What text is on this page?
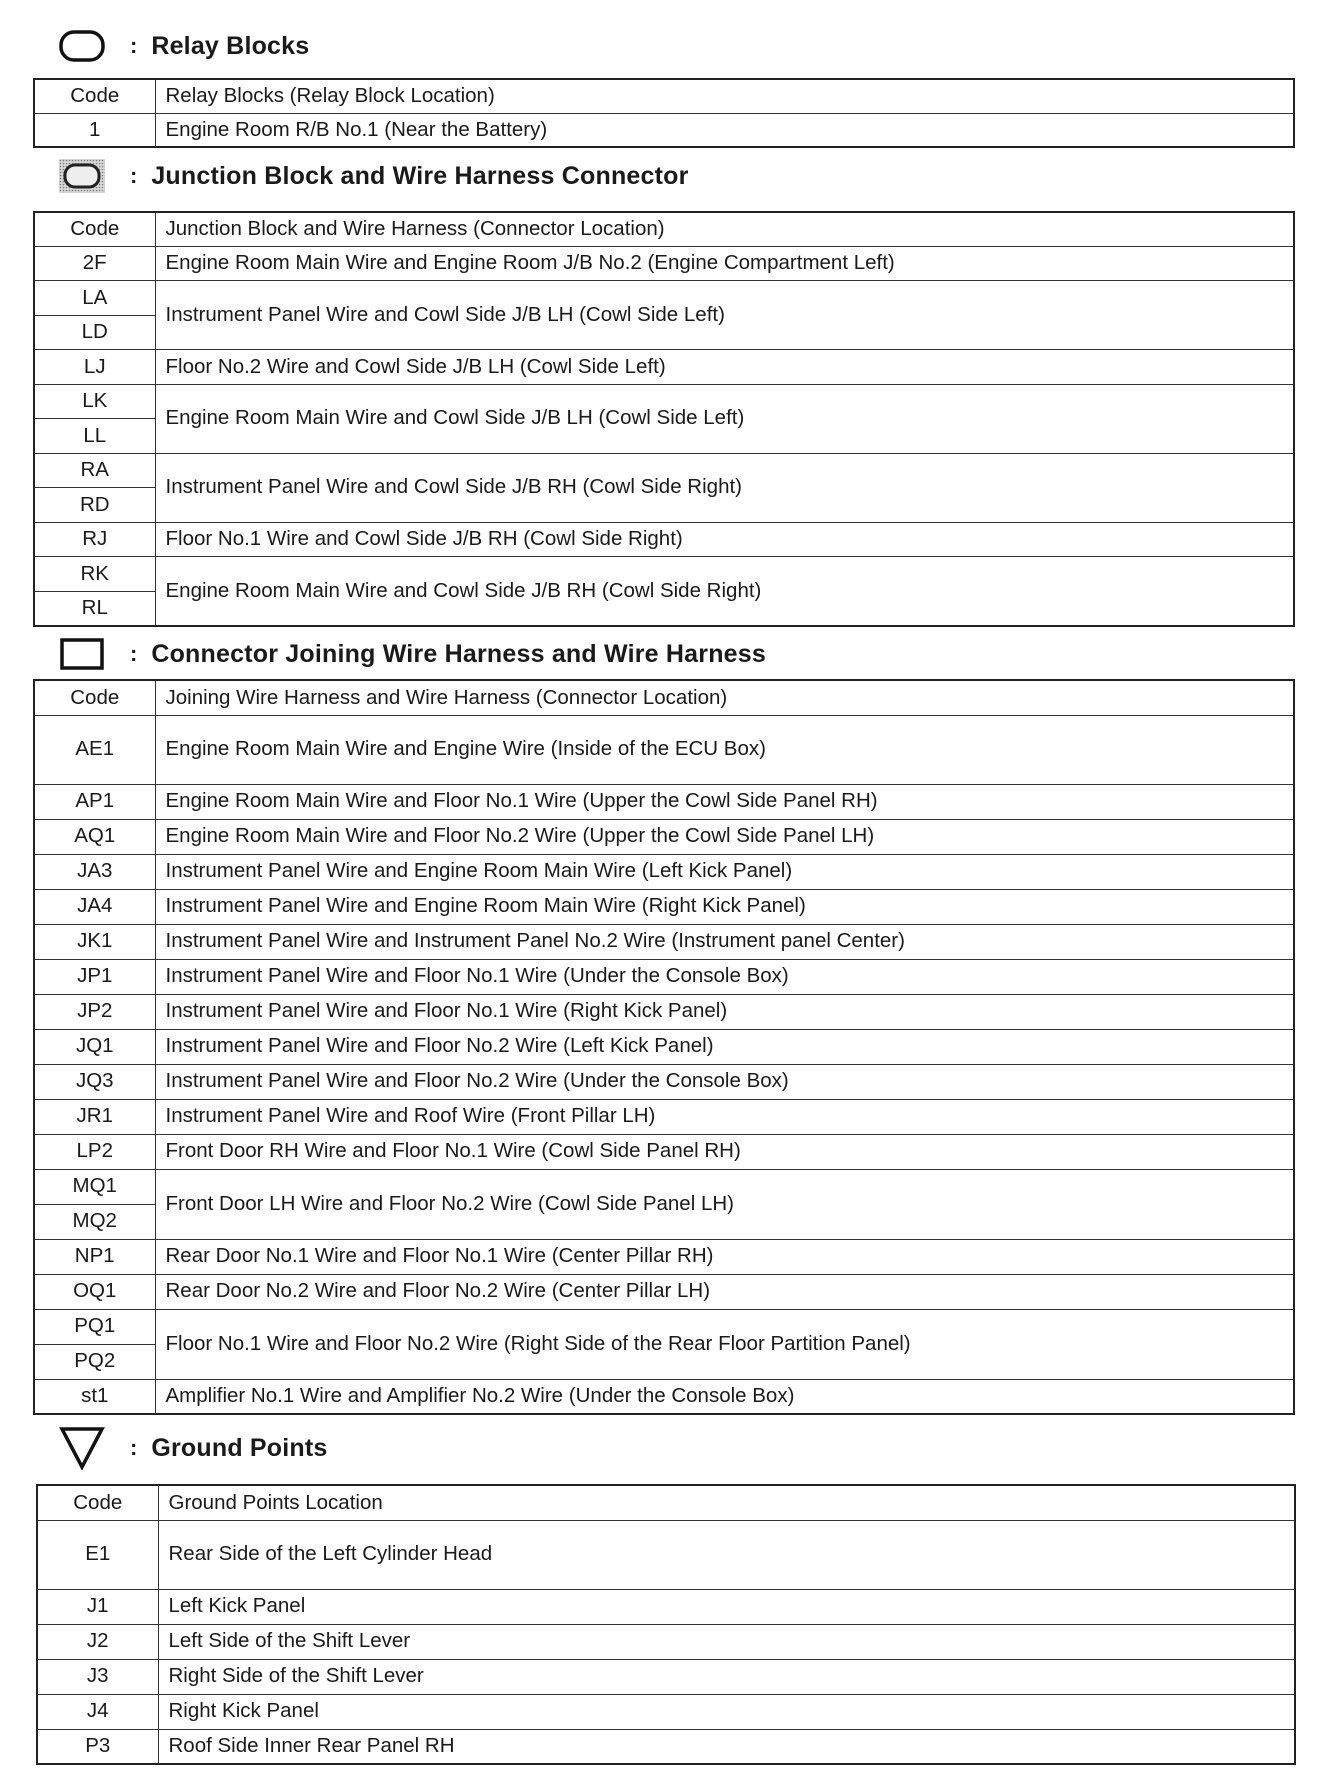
: Relay Blocks
Code	Relay Blocks (Relay Block Location)
1	Engine Room R/B No.1 (Near the Battery)
: Junction Block and Wire Harness Connector
Code	Junction Block and Wire Harness (Connector Location)
2F	Engine Room Main Wire and Engine Room J/B No.2 (Engine Compartment Left)
LA	Instrument Panel Wire and Cowl Side J/B LH (Cowl Side Left)
LD	
LJ	Floor No.2 Wire and Cowl Side J/B LH (Cowl Side Left)
LK	Engine Room Main Wire and Cowl Side J/B LH (Cowl Side Left)
LL	
RA	Instrument Panel Wire and Cowl Side J/B RH (Cowl Side Right)
RD	
RJ	Floor No.1 Wire and Cowl Side J/B RH (Cowl Side Right)
RK	Engine Room Main Wire and Cowl Side J/B RH (Cowl Side Right)
RL	
: Connector Joining Wire Harness and Wire Harness
Code	Joining Wire Harness and Wire Harness (Connector Location)
AE1	Engine Room Main Wire and Engine Wire (Inside of the ECU Box)
AP1	Engine Room Main Wire and Floor No.1 Wire (Upper the Cowl Side Panel RH)
AQ1	Engine Room Main Wire and Floor No.2 Wire (Upper the Cowl Side Panel LH)
JA3	Instrument Panel Wire and Engine Room Main Wire (Left Kick Panel)
JA4	Instrument Panel Wire and Engine Room Main Wire (Right Kick Panel)
JK1	Instrument Panel Wire and Instrument Panel No.2 Wire (Instrument panel Center)
JP1	Instrument Panel Wire and Floor No.1 Wire (Under the Console Box)
JP2	Instrument Panel Wire and Floor No.1 Wire (Right Kick Panel)
JQ1	Instrument Panel Wire and Floor No.2 Wire (Left Kick Panel)
JQ3	Instrument Panel Wire and Floor No.2 Wire (Under the Console Box)
JR1	Instrument Panel Wire and Roof Wire (Front Pillar LH)
LP2	Front Door RH Wire and Floor No.1 Wire (Cowl Side Panel RH)
MQ1	Front Door LH Wire and Floor No.2 Wire (Cowl Side Panel LH)
MQ2	
NP1	Rear Door No.1 Wire and Floor No.1 Wire (Center Pillar RH)
OQ1	Rear Door No.2 Wire and Floor No.2 Wire (Center Pillar LH)
PQ1	Floor No.1 Wire and Floor No.2 Wire (Right Side of the Rear Floor Partition Panel)
PQ2	
st1	Amplifier No.1 Wire and Amplifier No.2 Wire (Under the Console Box)
: Ground Points
Code	Ground Points Location
E1	Rear Side of the Left Cylinder Head
J1	Left Kick Panel
J2	Left Side of the Shift Lever
J3	Right Side of the Shift Lever
J4	Right Kick Panel
P3	Roof Side Inner Rear Panel RH
